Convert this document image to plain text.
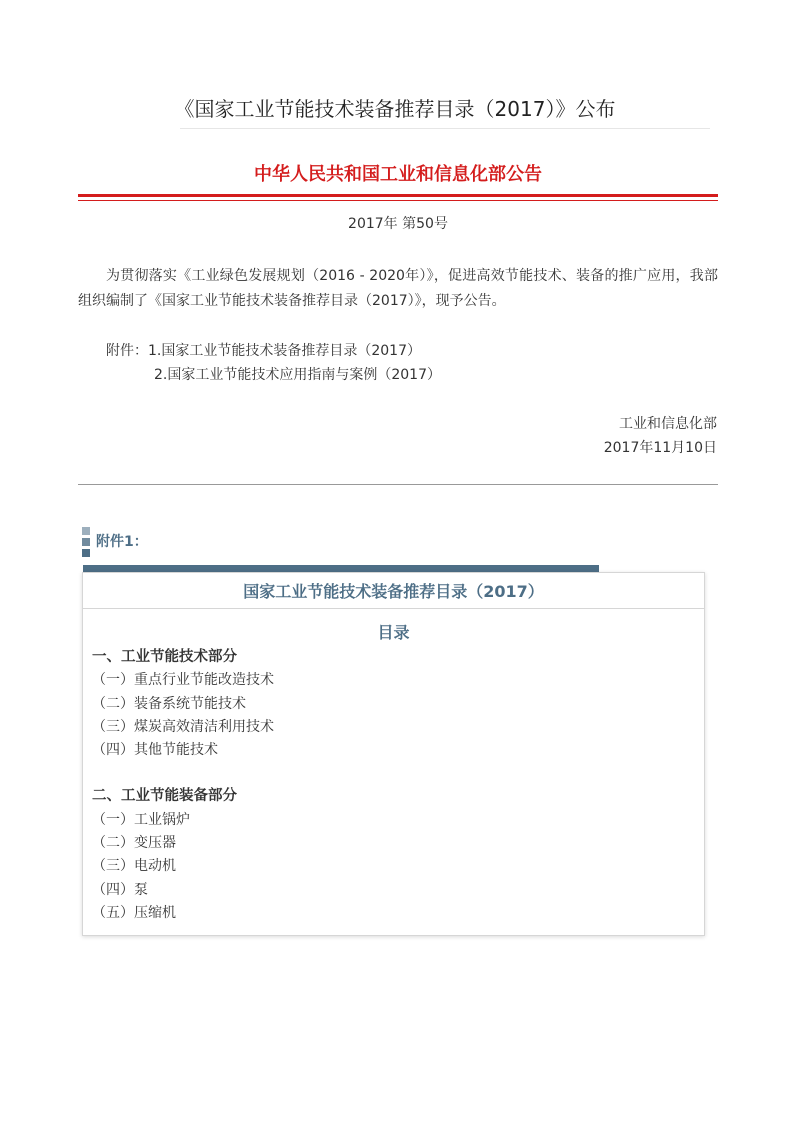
《国家工业节能技术装备推荐目录（2017）》公布
中华人民共和国工业和信息化部公告
2017年 第50号
为贯彻落实《工业绿色发展规划（2016 - 2020年）》，促进高效节能技术、装备的推广应用，我部组织编制了《国家工业节能技术装备推荐目录（2017）》，现予公告。
附件：1.国家工业节能技术装备推荐目录（2017）
2.国家工业节能技术应用指南与案例（2017）
工业和信息化部
2017年11月10日
附件1：
国家工业节能技术装备推荐目录（2017）
目录
一、工业节能技术部分
（一）重点行业节能改造技术
（二）装备系统节能技术
（三）煤炭高效清洁利用技术
（四）其他节能技术
二、工业节能装备部分
（一）工业锅炉
（二）变压器
（三）电动机
（四）泵
（五）压缩机
